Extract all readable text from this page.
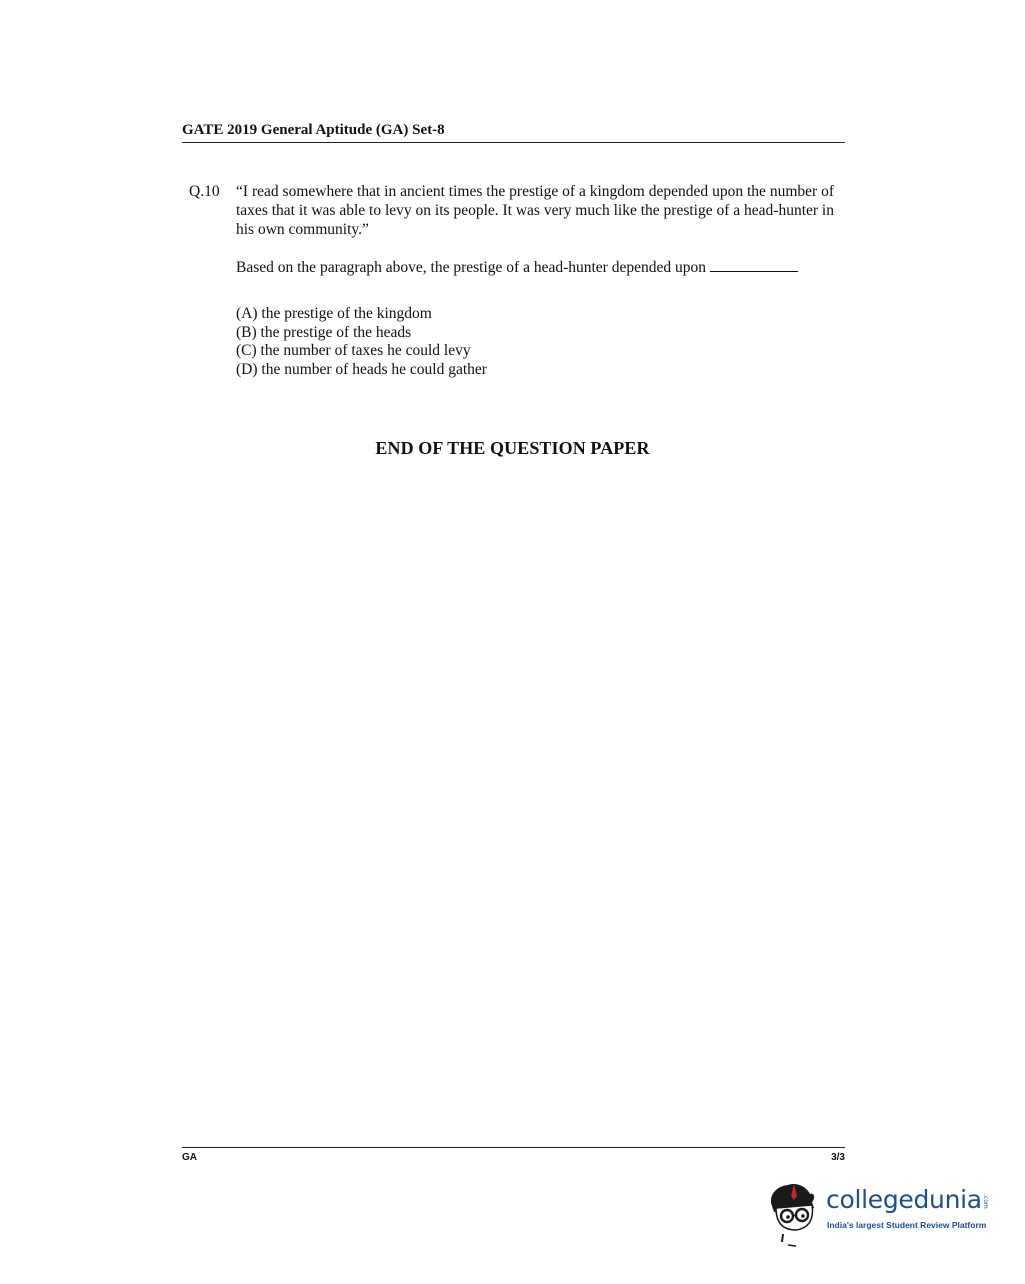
GATE 2019 General Aptitude (GA) Set-8
Q.10	“I read somewhere that in ancient times the prestige of a kingdom depended upon the number of taxes that it was able to levy on its people. It was very much like the prestige of a head-hunter in his own community.”

Based on the paragraph above, the prestige of a head-hunter depended upon

(A) the prestige of the kingdom
(B) the prestige of the heads
(C) the number of taxes he could levy
(D) the number of heads he could gather
END OF THE QUESTION PAPER
GA	3/3
collegedunia .com
India's largest Student Review Platform
